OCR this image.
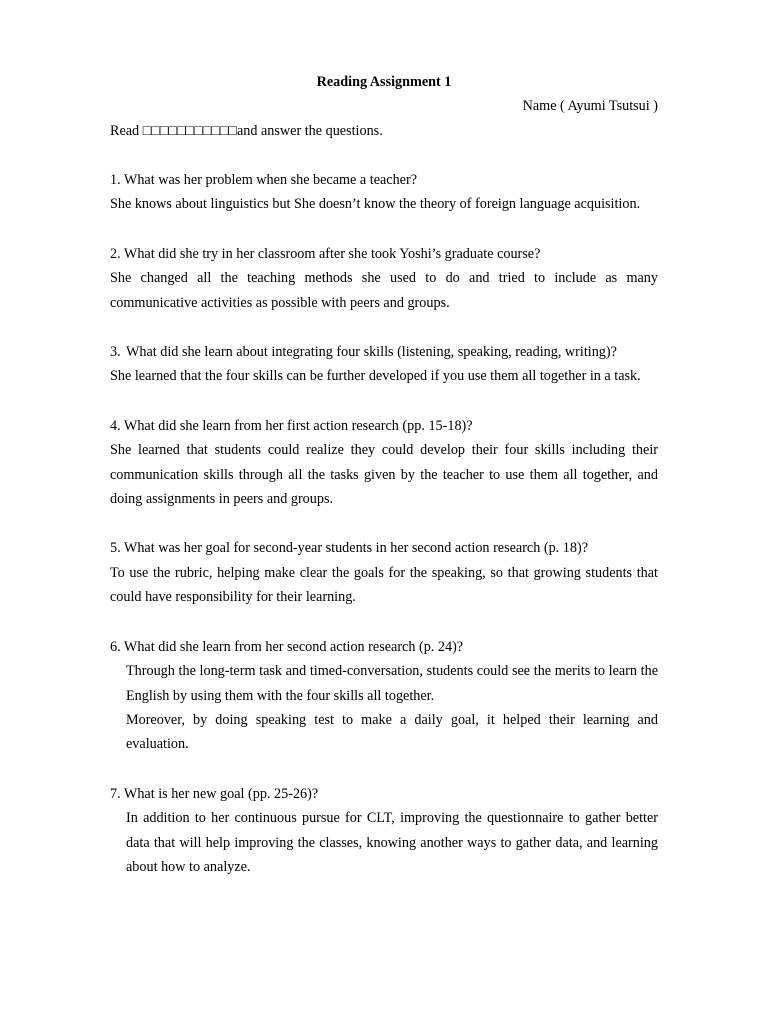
Reading Assignment 1

Name ( Ayumi Tsutsui )

Read □□□□□□□□□□□and answer the questions.

1. What was her problem when she became a teacher?

She knows about linguistics but She doesn’t know the theory of foreign language acquisition.

2. What did she try in her classroom after she took Yoshi’s graduate course?

She changed all the teaching methods she used to do and tried to include as many communicative activities as possible with peers and groups.

3. What did she learn about integrating four skills (listening, speaking, reading, writing)?

She learned that the four skills can be further developed if you use them all together in a task.

4. What did she learn from her first action research (pp. 15-18)?

She learned that students could realize they could develop their four skills including their communication skills through all the tasks given by the teacher to use them all together, and doing assignments in peers and groups.

5. What was her goal for second-year students in her second action research (p. 18)?

To use the rubric, helping make clear the goals for the speaking, so that growing students that could have responsibility for their learning.

6. What did she learn from her second action research (p. 24)?

Through the long-term task and timed-conversation, students could see the merits to learn the English by using them with the four skills all together.

Moreover, by doing speaking test to make a daily goal, it helped their learning and evaluation.

7. What is her new goal (pp. 25-26)?

In addition to her continuous pursue for CLT, improving the questionnaire to gather better data that will help improving the classes, knowing another ways to gather data, and learning about how to analyze.
